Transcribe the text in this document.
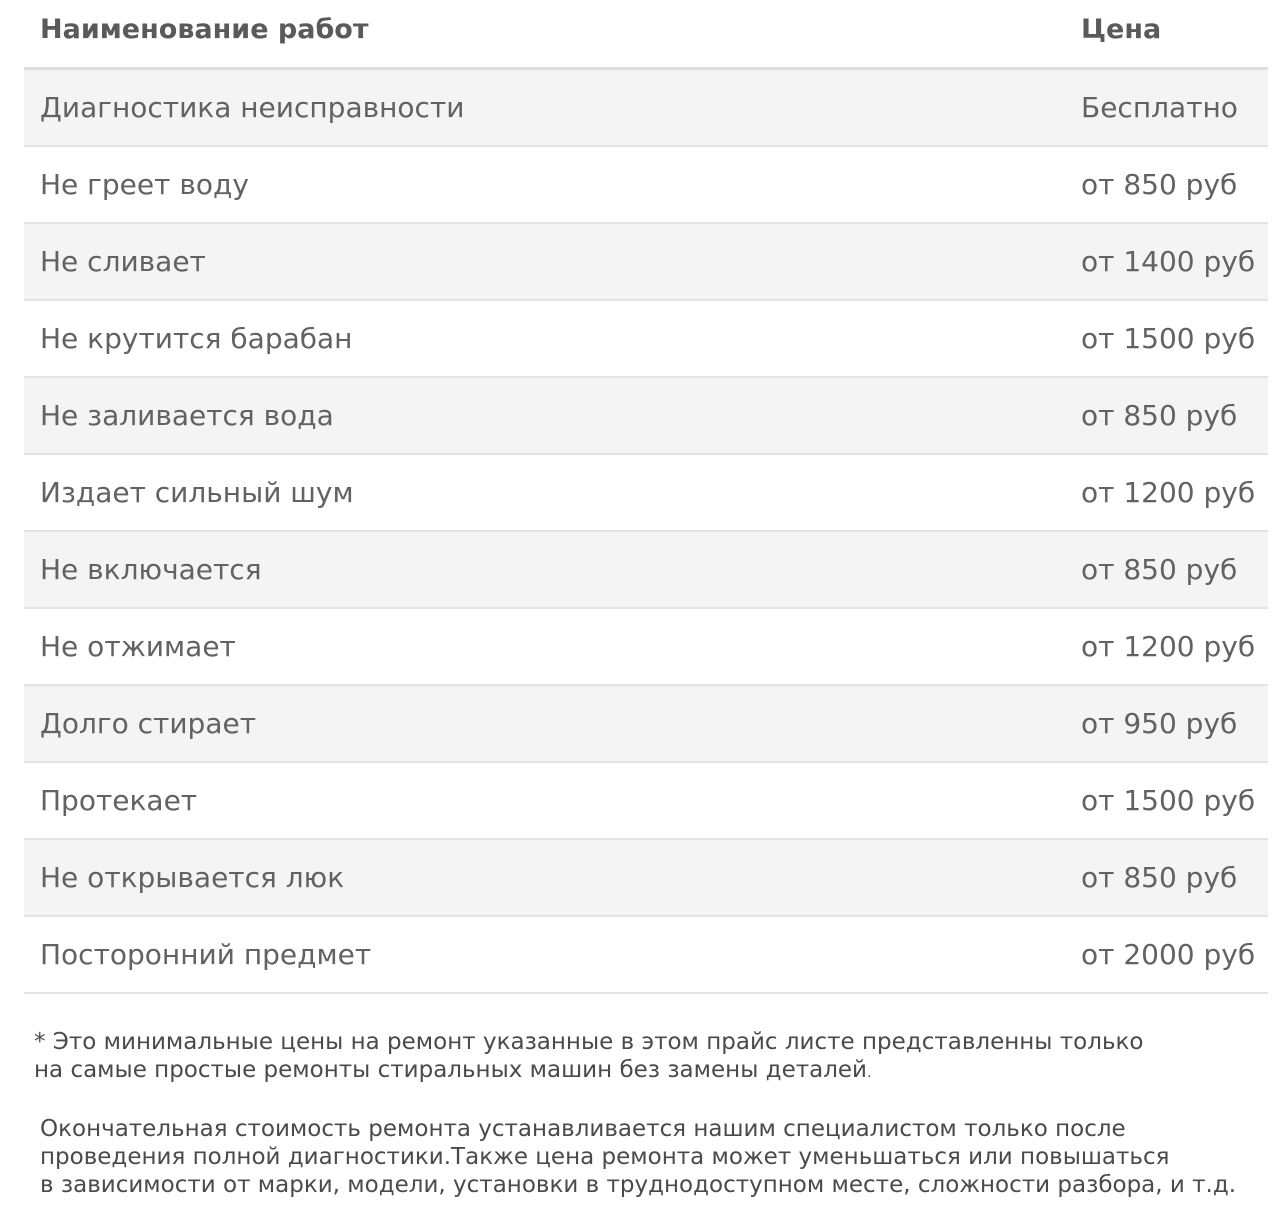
Наименование работ	Цена
Диагностика неисправности	Бесплатно
Не греет воду	от 850 руб
Не сливает	от 1400 руб
Не крутится барабан	от 1500 руб
Не заливается вода	от 850 руб
Издает сильный шум	от 1200 руб
Не включается	от 850 руб
Не отжимает	от 1200 руб
Долго стирает	от 950 руб
Протекает	от 1500 руб
Не открывается люк	от 850 руб
Посторонний предмет	от 2000 руб
* Это минимальные цены на ремонт указанные в этом прайс листе представленны только
на самые простые ремонты стиральных машин без замены деталей.
Окончательная стоимость ремонта устанавливается нашим специалистом только после
проведения полной диагностики.Также цена ремонта может уменьшаться или повышаться
в зависимости от марки, модели, установки в труднодоступном месте, сложности разбора, и т.д.
